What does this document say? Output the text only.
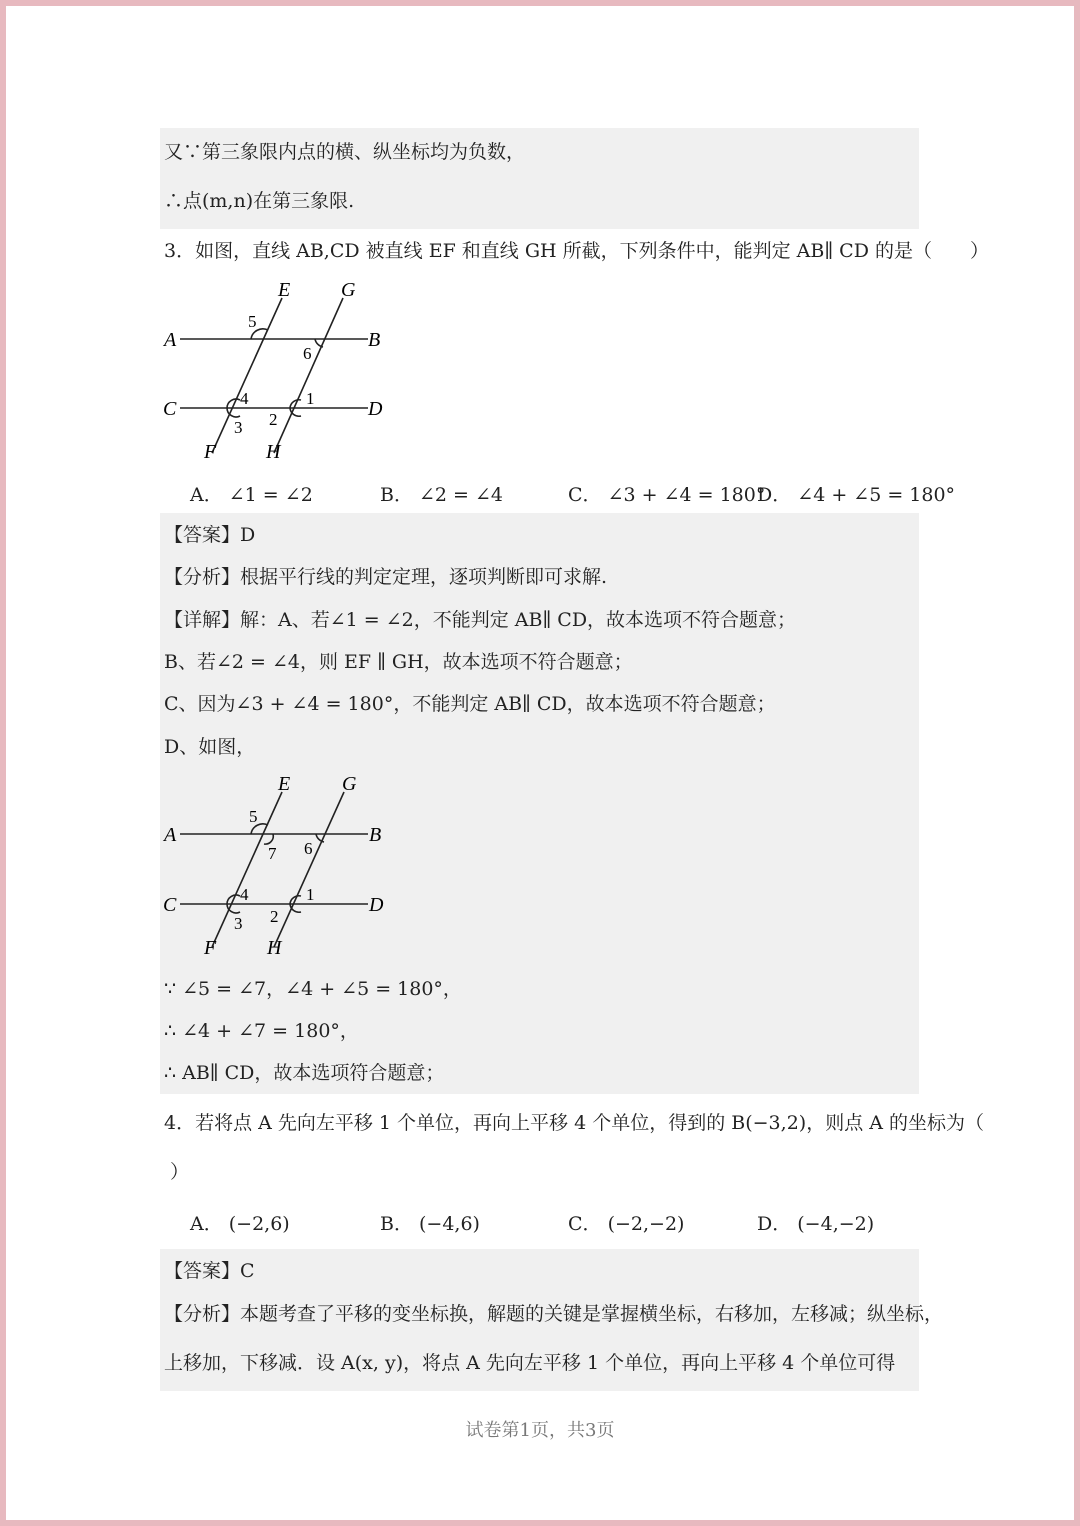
又∵第三象限内点的横、纵坐标均为负数，
∴点(m,n)在第三象限.
3．如图，直线 AB,CD 被直线 EF 和直线 GH 所截，下列条件中，能判定 AB∥ CD 的是（　　）
E	G
A	B
C	D
F H
5
6
4
3
1
2
A． ∠1 = ∠2	B． ∠2 = ∠4	C． ∠3 + ∠4 = 180°
D． ∠4 + ∠5 = 180°
【答案】D
【分析】根据平行线的判定定理，逐项判断即可求解.
【详解】解：A、若∠1 = ∠2，不能判定 AB∥ CD，故本选项不符合题意；
B、若∠2 = ∠4，则 EF ∥ GH，故本选项不符合题意；
C、因为∠3 + ∠4 = 180°，不能判定 AB∥ CD，故本选项不符合题意；
D、如图，
E	G
A	B
C	D
F	H
5
7 6
4
3
1
2
∵ ∠5 = ∠7，∠4 + ∠5 = 180°，
∴ ∠4 + ∠7 = 180°，
∴ AB∥ CD，故本选项符合题意；
4．若将点 A 先向左平移 1 个单位，再向上平移 4 个单位，得到的 B(−3,2)，则点 A 的坐标为（
）
A． (−2,6)	B． (−4,6)	C． (−2,−2)	D． (−4,−2)
【答案】C
【分析】本题考查了平移的变坐标换，解题的关键是掌握横坐标，右移加，左移减；纵坐标，
上移加，下移减．设 A(x, y)，将点 A 先向左平移 1 个单位，再向上平移 4 个单位可得
试卷第1页，共3页
